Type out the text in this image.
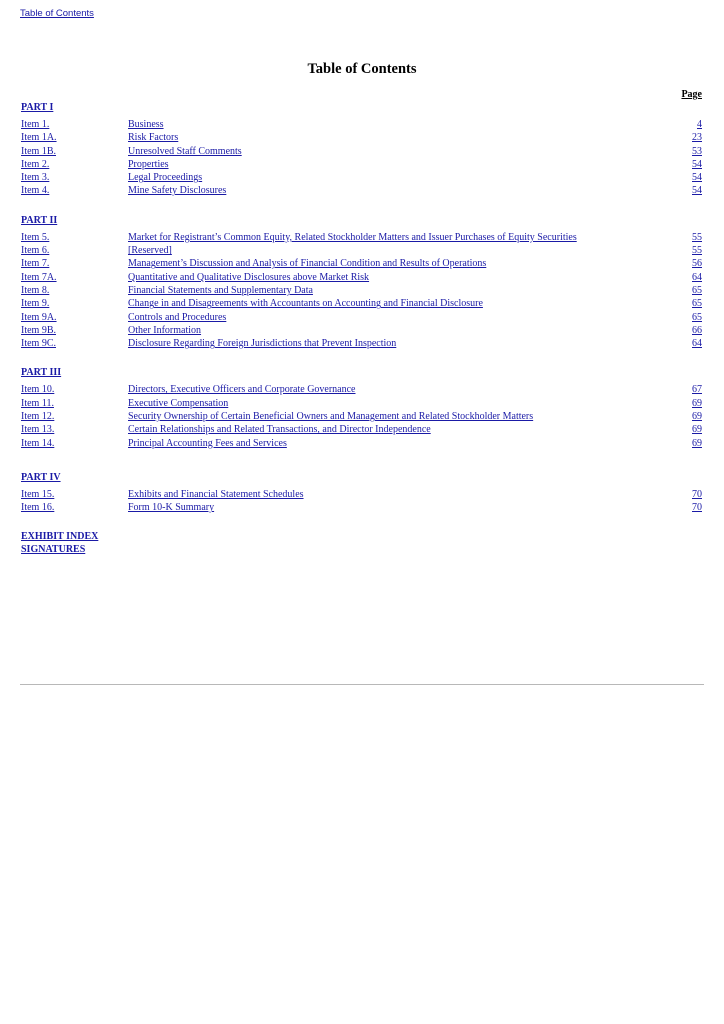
Table of Contents
Table of Contents
Page
PART I
Item 1.	Business	4
Item 1A.	Risk Factors	23
Item 1B.	Unresolved Staff Comments	53
Item 2.	Properties	54
Item 3.	Legal Proceedings	54
Item 4.	Mine Safety Disclosures	54
PART II
Item 5.	Market for Registrant’s Common Equity, Related Stockholder Matters and Issuer Purchases of Equity Securities	55
Item 6.	[Reserved]	55
Item 7.	Management’s Discussion and Analysis of Financial Condition and Results of Operations	56
Item 7A.	Quantitative and Qualitative Disclosures above Market Risk	64
Item 8.	Financial Statements and Supplementary Data	65
Item 9.	Change in and Disagreements with Accountants on Accounting and Financial Disclosure	65
Item 9A.	Controls and Procedures	65
Item 9B.	Other Information	66
Item 9C.	Disclosure Regarding Foreign Jurisdictions that Prevent Inspection	64
PART III
Item 10.	Directors, Executive Officers and Corporate Governance	67
Item 11.	Executive Compensation	69
Item 12.	Security Ownership of Certain Beneficial Owners and Management and Related Stockholder Matters	69
Item 13.	Certain Relationships and Related Transactions, and Director Independence	69
Item 14.	Principal Accounting Fees and Services	69
PART IV
Item 15.	Exhibits and Financial Statement Schedules	70
Item 16.	Form 10-K Summary	70
EXHIBIT INDEX
SIGNATURES
